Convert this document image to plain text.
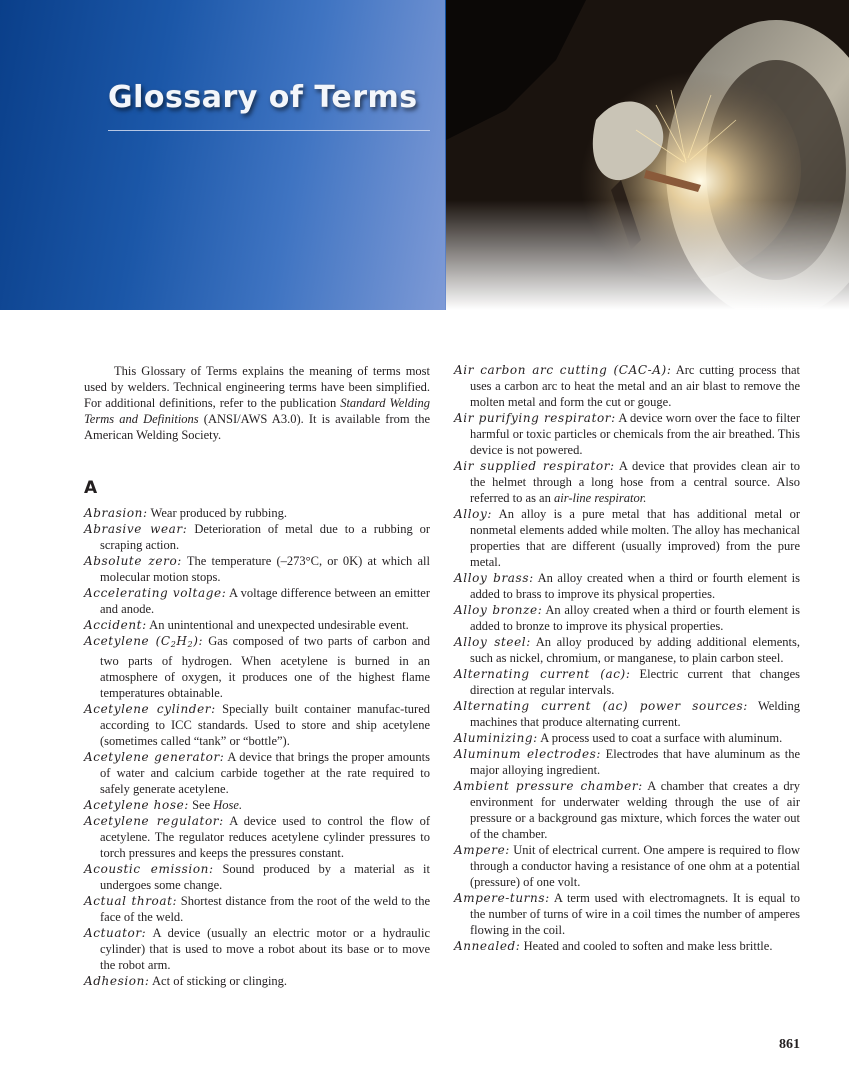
Glossary of Terms

This Glossary of Terms explains the meaning of terms most used by welders. Technical engineering terms have been simplified. For additional definitions, refer to the publication Standard Welding Terms and Definitions (ANSI/AWS A3.0). It is available from the American Welding Society.

A

Abrasion: Wear produced by rubbing.

Abrasive wear: Deterioration of metal due to a rubbing or scraping action.

Absolute zero: The temperature (–273°C, or 0K) at which all molecular motion stops.

Accelerating voltage: A voltage difference between an emitter and anode.

Accident: An unintentional and unexpected undesirable event.

Acetylene $(C_2H_2)$: Gas composed of two parts of carbon and two parts of hydrogen. When acetylene is burned in an atmosphere of oxygen, it produces one of the highest flame temperatures obtainable.

Acetylene cylinder: Specially built container manufac-tured according to ICC standards. Used to store and ship acetylene (sometimes called “tank” or “bottle”).

Acetylene generator: A device that brings the proper amounts of water and calcium carbide together at the rate required to safely generate acetylene.

Acetylene hose: See Hose.

Acetylene regulator: A device used to control the flow of acetylene. The regulator reduces acetylene cylinder pressures to torch pressures and keeps the pressures constant.

Acoustic emission: Sound produced by a material as it undergoes some change.

Actual throat: Shortest distance from the root of the weld to the face of the weld.

Actuator: A device (usually an electric motor or a hydraulic cylinder) that is used to move a robot about its base or to move the robot arm.

Adhesion: Act of sticking or clinging.

Air carbon arc cutting (CAC-A): Arc cutting process that uses a carbon arc to heat the metal and an air blast to remove the molten metal and form the cut or gouge.

Air purifying respirator: A device worn over the face to filter harmful or toxic particles or chemicals from the air breathed. This device is not powered.

Air supplied respirator: A device that provides clean air to the helmet through a long hose from a central source. Also referred to as an air-line respirator.

Alloy: An alloy is a pure metal that has additional metal or nonmetal elements added while molten. The alloy has mechanical properties that are different (usually improved) from the pure metal.

Alloy brass: An alloy created when a third or fourth element is added to brass to improve its physical properties.

Alloy bronze: An alloy created when a third or fourth element is added to bronze to improve its physical properties.

Alloy steel: An alloy produced by adding additional elements, such as nickel, chromium, or manganese, to plain carbon steel.

Alternating current (ac): Electric current that changes direction at regular intervals.

Alternating current (ac) power sources: Welding machines that produce alternating current.

Aluminizing: A process used to coat a surface with aluminum.

Aluminum electrodes: Electrodes that have aluminum as the major alloying ingredient.

Ambient pressure chamber: A chamber that creates a dry environment for underwater welding through the use of air pressure or a background gas mixture, which forces the water out of the chamber.

Ampere: Unit of electrical current. One ampere is required to flow through a conductor having a resistance of one ohm at a potential (pressure) of one volt.

Ampere-turns: A term used with electromagnets. It is equal to the number of turns of wire in a coil times the number of amperes flowing in the coil.

Annealed: Heated and cooled to soften and make less brittle.

861
